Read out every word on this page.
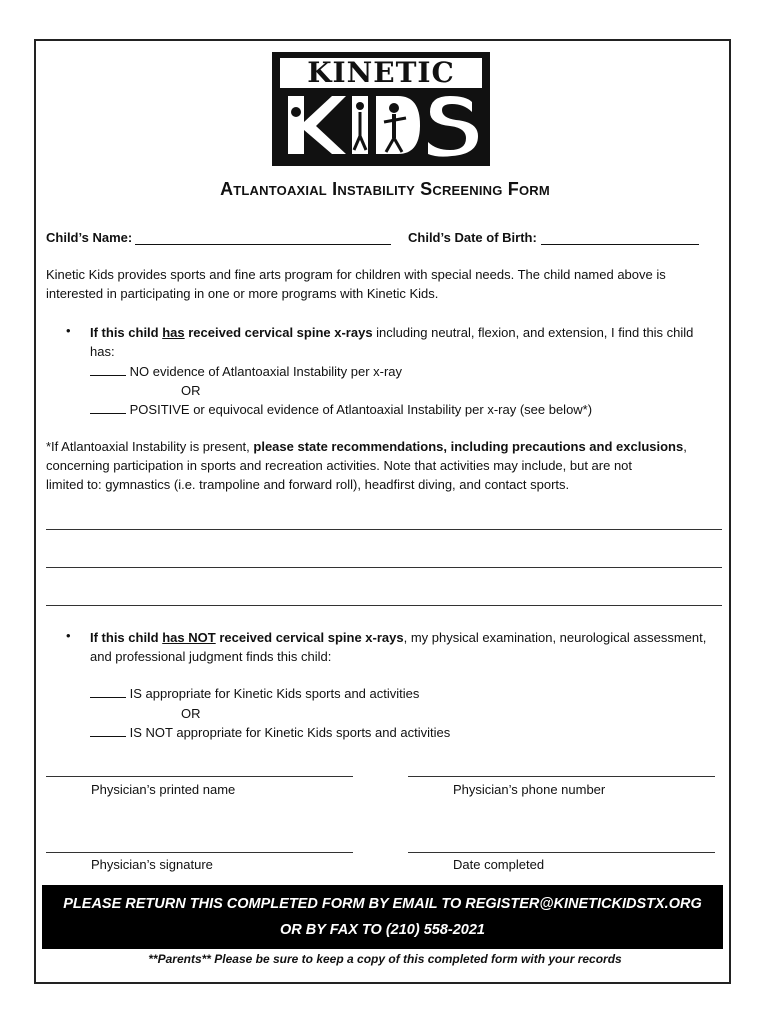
KINETIC
Atlantoaxial Instability Screening Form
Child’s Name:	Child’s Date of Birth:
Kinetic Kids provides sports and fine arts program for children with special needs. The child named above is interested in participating in one or more programs with Kinetic Kids.
• If this child has received cervical spine x-rays including neutral, flexion, and extension, I find this child
has:
NO evidence of Atlantoaxial Instability per x-ray
OR
POSITIVE or equivocal evidence of Atlantoaxial Instability per x-ray (see below*)
*If Atlantoaxial Instability is present, please state recommendations, including precautions and exclusions,
concerning participation in sports and recreation activities. Note that activities may include, but are not
limited to: gymnastics (i.e. trampoline and forward roll), headfirst diving, and contact sports.
• If this child has NOT received cervical spine x-rays, my physical examination, neurological assessment,
and professional judgment finds this child:
IS appropriate for Kinetic Kids sports and activities
OR
IS NOT appropriate for Kinetic Kids sports and activities
Physician’s printed name	Physician’s phone number
Physician’s signature	Date completed
PLEASE RETURN THIS COMPLETED FORM BY EMAIL TO REGISTER@KINETICKIDSTX.ORG
OR BY FAX TO (210) 558-2021
**Parents** Please be sure to keep a copy of this completed form with your records
